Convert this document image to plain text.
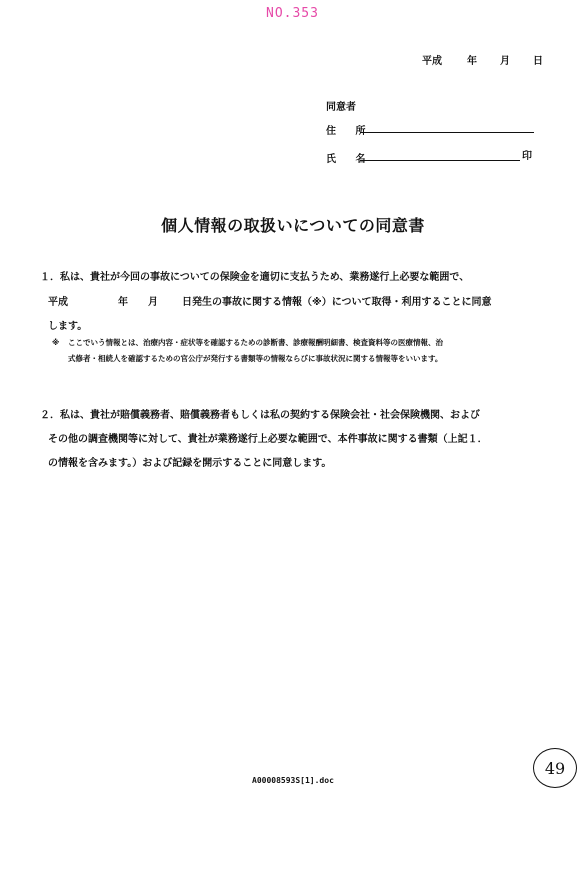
NO.353
平成	年 月 日
同意者
住 所
氏 名	印
個人情報の取扱いについての同意書
１．私は、貴社が今回の事故についての保険金を適切に支払うため、業務遂行上必要な範囲で、
平成	年 月 日発生の事故に関する情報（※）について取得・利用することに同意
します。
※ ここでいう情報とは、治療内容・症状等を確認するための診断書、診療報酬明細書、検査資料等の医療情報、治
式修者・相続人を確認するための官公庁が発行する書類等の情報ならびに事故状況に関する情報等をいいます。
２．私は、貴社が賠償義務者、賠償義務者もしくは私の契約する保険会社・社会保険機関、および
その他の調査機関等に対して、貴社が業務遂行上必要な範囲で、本件事故に関する書類（上記１．
の情報を含みます。）および記録を開示することに同意します。
49
A00008593S[1].doc
